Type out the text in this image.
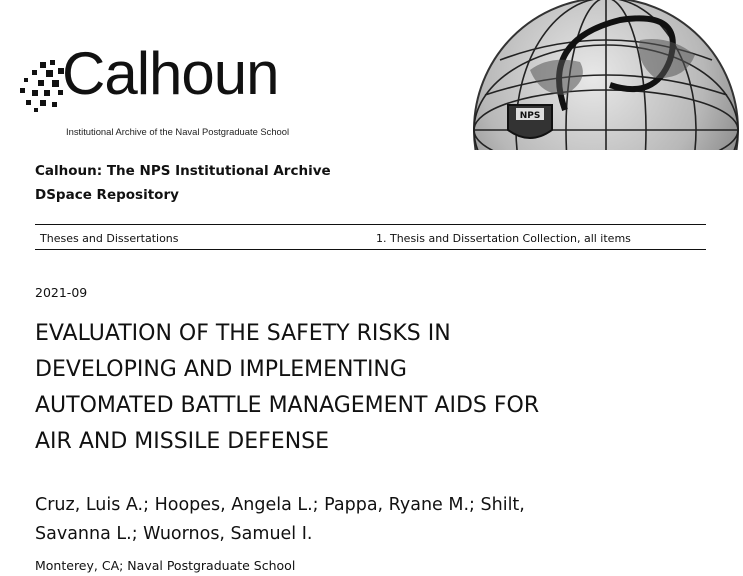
Calhoun
Institutional Archive of the Naval Postgraduate School
NPS
Calhoun: The NPS Institutional Archive
DSpace Repository
Theses and Dissertations	1. Thesis and Dissertation Collection, all items
2021-09
EVALUATION OF THE SAFETY RISKS IN
DEVELOPING AND IMPLEMENTING
AUTOMATED BATTLE MANAGEMENT AIDS FOR
AIR AND MISSILE DEFENSE
Cruz, Luis A.; Hoopes, Angela L.; Pappa, Ryane M.; Shilt,
Savanna L.; Wuornos, Samuel I.
Monterey, CA; Naval Postgraduate School
